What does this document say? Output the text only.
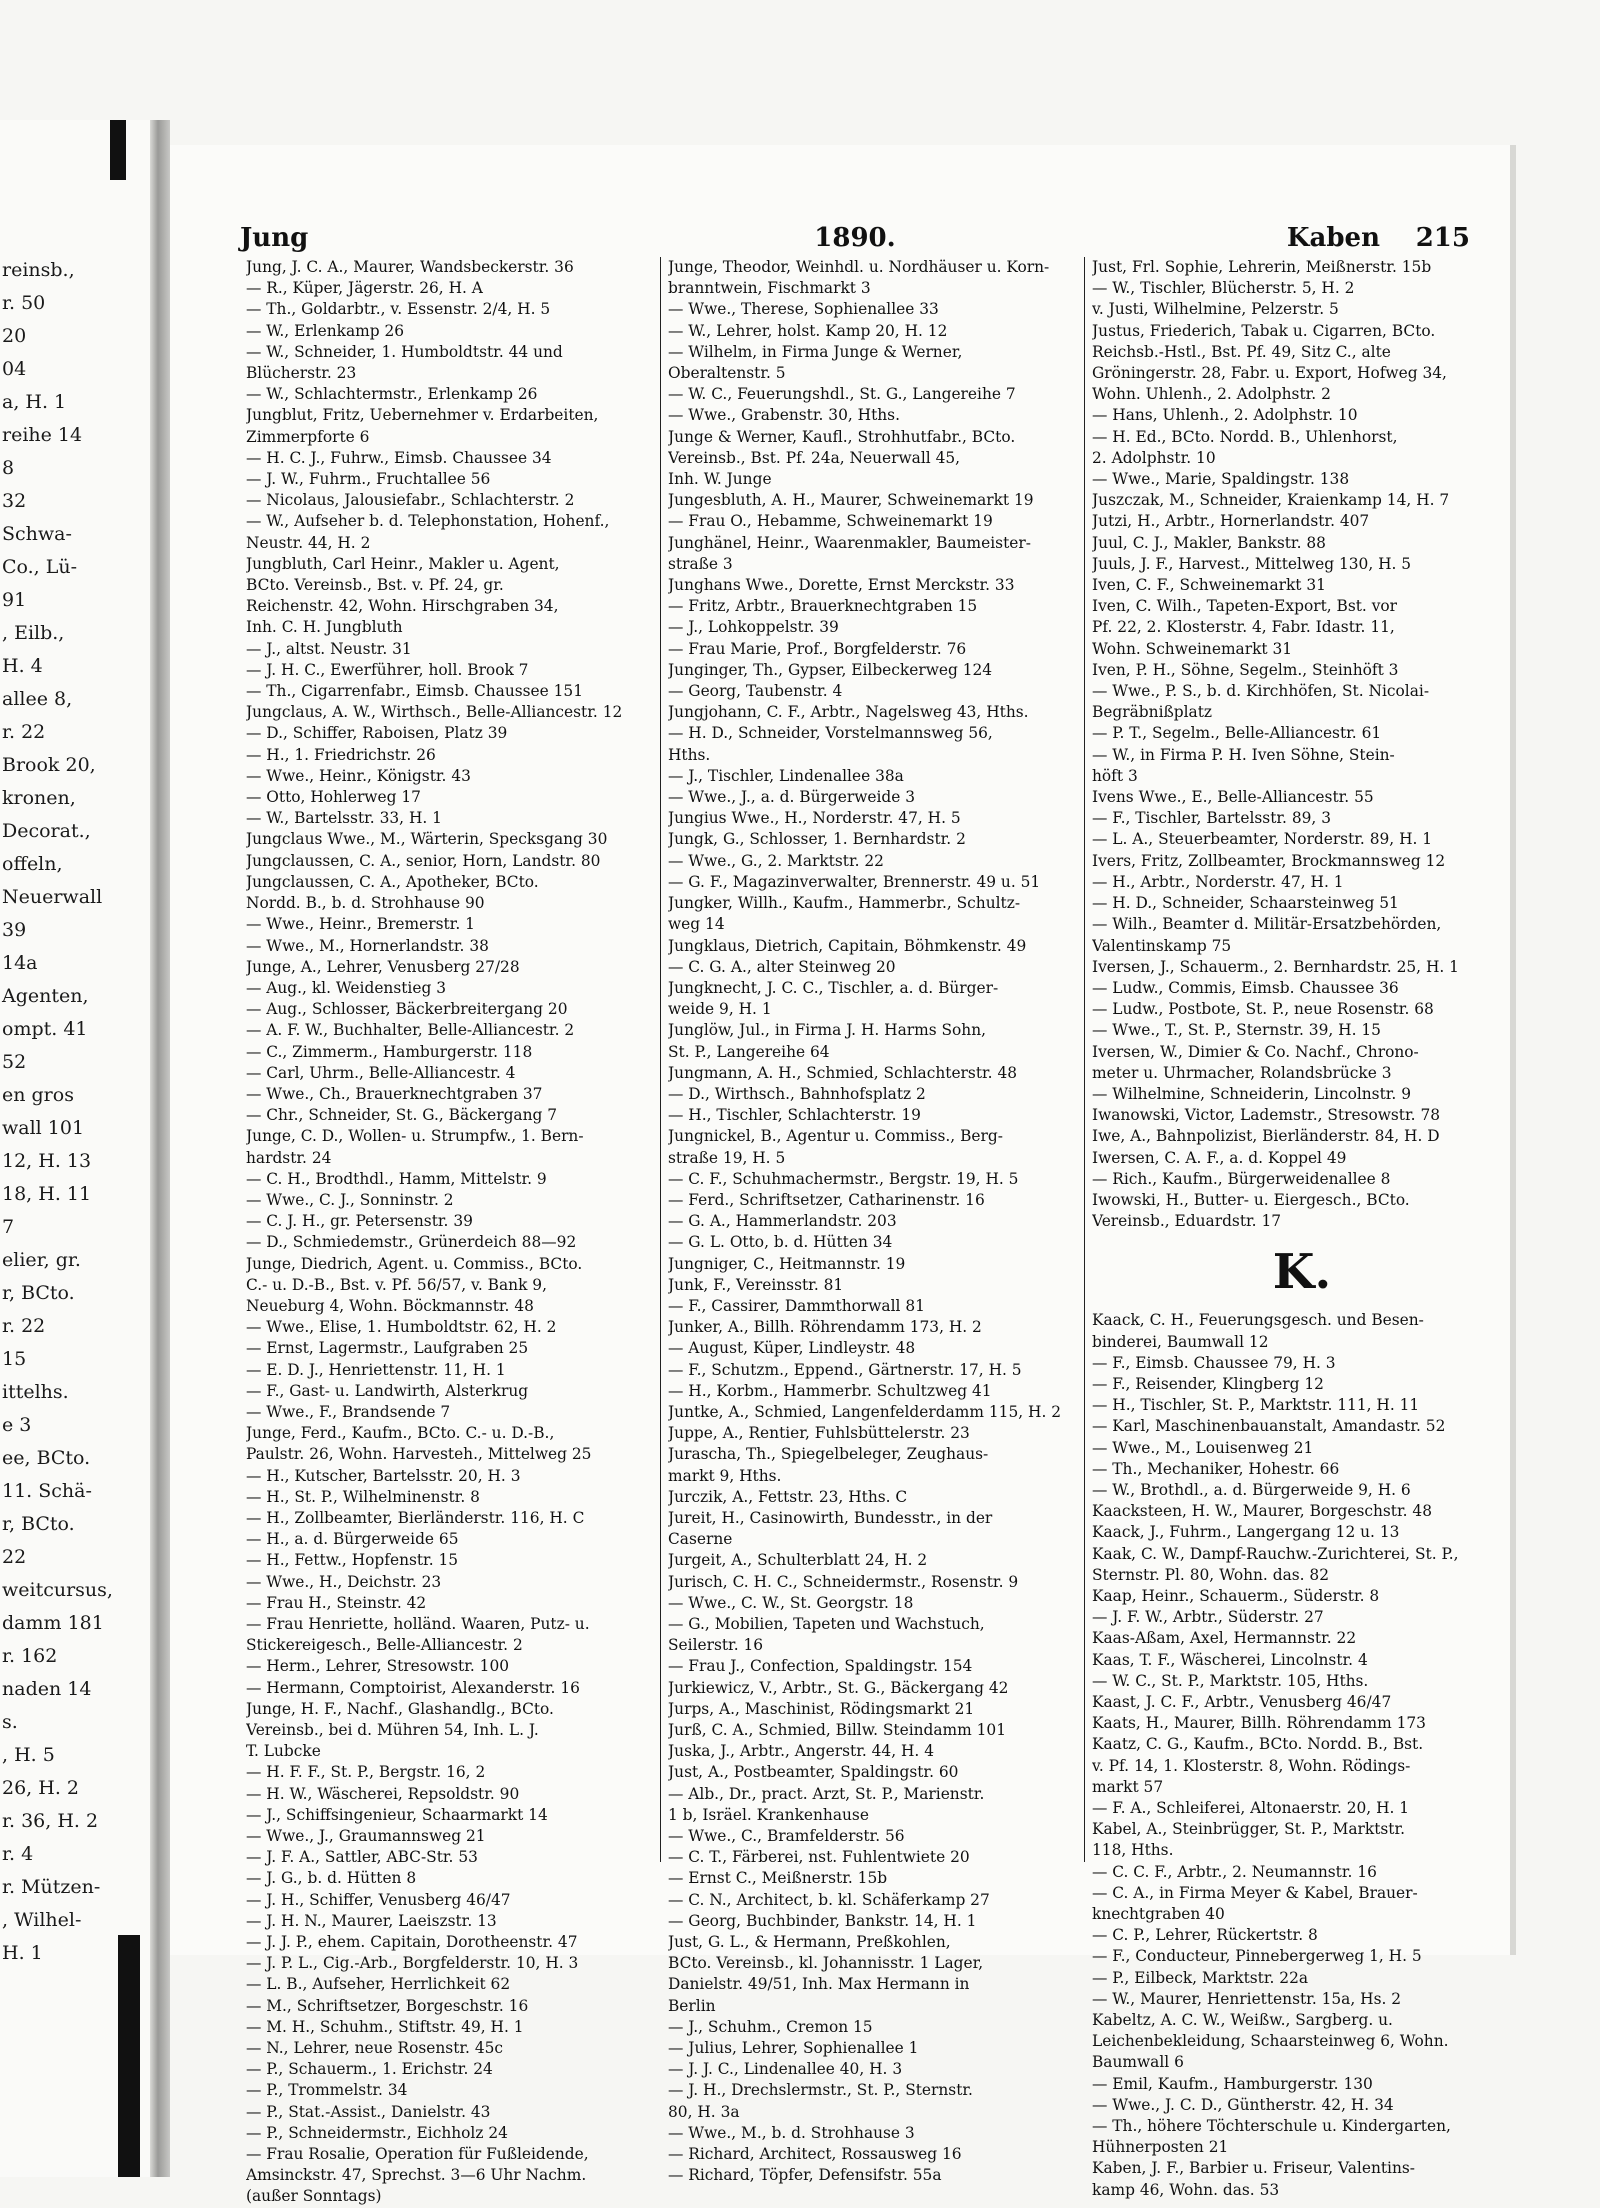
reinsb.,
r. 50
20
04
a, H. 1
reihe 14
8
32
Schwa-
Co., Lü-
91
, Eilb.,
H. 4
allee 8,
r. 22
Brook 20,
kronen,
Decorat.,
offeln,
Neuerwall
39
14a
Agenten,
ompt. 41
52
en gros
wall 101
12, H. 13
18, H. 11
7
elier, gr.
r, BCto.
r. 22
15
ittelhs.
e 3
ee, BCto.
11. Schä-
r, BCto.
22
weitcursus,
damm 181
r. 162
naden 14
s.
, H. 5
26, H. 2
r. 36, H. 2
r. 4
r. Mützen-
, Wilhel-
H. 1
Jung	1890.	Kaben 215
Jung, J. C. A., Maurer, Wandsbeckerstr. 36
— R., Küper, Jägerstr. 26, H. A
— Th., Goldarbtr., v. Essenstr. 2/4, H. 5
— W., Erlenkamp 26
— W., Schneider, 1. Humboldtstr. 44 und
Blücherstr. 23
— W., Schlachtermstr., Erlenkamp 26
Jungblut, Fritz, Uebernehmer v. Erdarbeiten,
Zimmerpforte 6
— H. C. J., Fuhrw., Eimsb. Chaussee 34
— J. W., Fuhrm., Fruchtallee 56
— Nicolaus, Jalousiefabr., Schlachterstr. 2
— W., Aufseher b. d. Telephonstation, Hohenf.,
Neustr. 44, H. 2
Jungbluth, Carl Heinr., Makler u. Agent,
BCto. Vereinsb., Bst. v. Pf. 24, gr.
Reichenstr. 42, Wohn. Hirschgraben 34,
Inh. C. H. Jungbluth
— J., altst. Neustr. 31
— J. H. C., Ewerführer, holl. Brook 7
— Th., Cigarrenfabr., Eimsb. Chaussee 151
Jungclaus, A. W., Wirthsch., Belle-Alliancestr. 12
— D., Schiffer, Raboisen, Platz 39
— H., 1. Friedrichstr. 26
— Wwe., Heinr., Königstr. 43
— Otto, Hohlerweg 17
— W., Bartelsstr. 33, H. 1
Jungclaus Wwe., M., Wärterin, Specksgang 30
Jungclaussen, C. A., senior, Horn, Landstr. 80
Jungclaussen, C. A., Apotheker, BCto.
Nordd. B., b. d. Strohhause 90
— Wwe., Heinr., Bremerstr. 1
— Wwe., M., Hornerlandstr. 38
Junge, A., Lehrer, Venusberg 27/28
— Aug., kl. Weidenstieg 3
— Aug., Schlosser, Bäckerbreitergang 20
— A. F. W., Buchhalter, Belle-Alliancestr. 2
— C., Zimmerm., Hamburgerstr. 118
— Carl, Uhrm., Belle-Alliancestr. 4
— Wwe., Ch., Brauerknechtgraben 37
— Chr., Schneider, St. G., Bäckergang 7
Junge, C. D., Wollen- u. Strumpfw., 1. Bern-
hardstr. 24
— C. H., Brodthdl., Hamm, Mittelstr. 9
— Wwe., C. J., Sonninstr. 2
— C. J. H., gr. Petersenstr. 39
— D., Schmiedemstr., Grünerdeich 88—92
Junge, Diedrich, Agent. u. Commiss., BCto.
C.- u. D.-B., Bst. v. Pf. 56/57, v. Bank 9,
Neueburg 4, Wohn. Böckmannstr. 48
— Wwe., Elise, 1. Humboldtstr. 62, H. 2
— Ernst, Lagermstr., Laufgraben 25
— E. D. J., Henriettenstr. 11, H. 1
— F., Gast- u. Landwirth, Alsterkrug
— Wwe., F., Brandsende 7
Junge, Ferd., Kaufm., BCto. C.- u. D.-B.,
Paulstr. 26, Wohn. Harvesteh., Mittelweg 25
— H., Kutscher, Bartelsstr. 20, H. 3
— H., St. P., Wilhelminenstr. 8
— H., Zollbeamter, Bierländerstr. 116, H. C
— H., a. d. Bürgerweide 65
— H., Fettw., Hopfenstr. 15
— Wwe., H., Deichstr. 23
— Frau H., Steinstr. 42
— Frau Henriette, holländ. Waaren, Putz- u.
Stickereigesch., Belle-Alliancestr. 2
— Herm., Lehrer, Stresowstr. 100
— Hermann, Comptoirist, Alexanderstr. 16
Junge, H. F., Nachf., Glashandlg., BCto.
Vereinsb., bei d. Mühren 54, Inh. L. J.
T. Lubcke
— H. F. F., St. P., Bergstr. 16, 2
— H. W., Wäscherei, Repsoldstr. 90
— J., Schiffsingenieur, Schaarmarkt 14
— Wwe., J., Graumannsweg 21
— J. F. A., Sattler, ABC-Str. 53
— J. G., b. d. Hütten 8
— J. H., Schiffer, Venusberg 46/47
— J. H. N., Maurer, Laeiszstr. 13
— J. J. P., ehem. Capitain, Dorotheenstr. 47
— J. P. L., Cig.-Arb., Borgfelderstr. 10, H. 3
— L. B., Aufseher, Herrlichkeit 62
— M., Schriftsetzer, Borgeschstr. 16
— M. H., Schuhm., Stiftstr. 49, H. 1
— N., Lehrer, neue Rosenstr. 45c
— P., Schauerm., 1. Erichstr. 24
— P., Trommelstr. 34
— P., Stat.-Assist., Danielstr. 43
— P., Schneidermstr., Eichholz 24
— Frau Rosalie, Operation für Fußleidende,
Amsinckstr. 47, Sprechst. 3—6 Uhr Nachm.
(außer Sonntags)
Junge, Theodor, Weinhdl. u. Nordhäuser u. Korn-
branntwein, Fischmarkt 3
— Wwe., Therese, Sophienallee 33
— W., Lehrer, holst. Kamp 20, H. 12
— Wilhelm, in Firma Junge & Werner,
Oberaltenstr. 5
— W. C., Feuerungshdl., St. G., Langereihe 7
— Wwe., Grabenstr. 30, Hths.
Junge & Werner, Kaufl., Strohhutfabr., BCto.
Vereinsb., Bst. Pf. 24a, Neuerwall 45,
Inh. W. Junge
Jungesbluth, A. H., Maurer, Schweinemarkt 19
— Frau O., Hebamme, Schweinemarkt 19
Junghänel, Heinr., Waarenmakler, Baumeister-
straße 3
Junghans Wwe., Dorette, Ernst Merckstr. 33
— Fritz, Arbtr., Brauerknechtgraben 15
— J., Lohkoppelstr. 39
— Frau Marie, Prof., Borgfelderstr. 76
Junginger, Th., Gypser, Eilbeckerweg 124
— Georg, Taubenstr. 4
Jungjohann, C. F., Arbtr., Nagelsweg 43, Hths.
— H. D., Schneider, Vorstelmannsweg 56,
Hths.
— J., Tischler, Lindenallee 38a
— Wwe., J., a. d. Bürgerweide 3
Jungius Wwe., H., Norderstr. 47, H. 5
Jungk, G., Schlosser, 1. Bernhardstr. 2
— Wwe., G., 2. Marktstr. 22
— G. F., Magazinverwalter, Brennerstr. 49 u. 51
Jungker, Willh., Kaufm., Hammerbr., Schultz-
weg 14
Jungklaus, Dietrich, Capitain, Böhmkenstr. 49
— C. G. A., alter Steinweg 20
Jungknecht, J. C. C., Tischler, a. d. Bürger-
weide 9, H. 1
Junglöw, Jul., in Firma J. H. Harms Sohn,
St. P., Langereihe 64
Jungmann, A. H., Schmied, Schlachterstr. 48
— D., Wirthsch., Bahnhofsplatz 2
— H., Tischler, Schlachterstr. 19
Jungnickel, B., Agentur u. Commiss., Berg-
straße 19, H. 5
— C. F., Schuhmachermstr., Bergstr. 19, H. 5
— Ferd., Schriftsetzer, Catharinenstr. 16
— G. A., Hammerlandstr. 203
— G. L. Otto, b. d. Hütten 34
Jungniger, C., Heitmannstr. 19
Junk, F., Vereinsstr. 81
— F., Cassirer, Dammthorwall 81
Junker, A., Billh. Röhrendamm 173, H. 2
— August, Küper, Lindleystr. 48
— F., Schutzm., Eppend., Gärtnerstr. 17, H. 5
— H., Korbm., Hammerbr. Schultzweg 41
Juntke, A., Schmied, Langenfelderdamm 115, H. 2
Juppe, A., Rentier, Fuhlsbüttelerstr. 23
Jurascha, Th., Spiegelbeleger, Zeughaus-
markt 9, Hths.
Jurczik, A., Fettstr. 23, Hths. C
Jureit, H., Casinowirth, Bundesstr., in der
Caserne
Jurgeit, A., Schulterblatt 24, H. 2
Jurisch, C. H. C., Schneidermstr., Rosenstr. 9
— Wwe., C. W., St. Georgstr. 18
— G., Mobilien, Tapeten und Wachstuch,
Seilerstr. 16
— Frau J., Confection, Spaldingstr. 154
Jurkiewicz, V., Arbtr., St. G., Bäckergang 42
Jurps, A., Maschinist, Rödingsmarkt 21
Jurß, C. A., Schmied, Billw. Steindamm 101
Juska, J., Arbtr., Angerstr. 44, H. 4
Just, A., Postbeamter, Spaldingstr. 60
— Alb., Dr., pract. Arzt, St. P., Marienstr.
1 b, Isräel. Krankenhause
— Wwe., C., Bramfelderstr. 56
— C. T., Färberei, nst. Fuhlentwiete 20
— Ernst C., Meißnerstr. 15b
— C. N., Architect, b. kl. Schäferkamp 27
— Georg, Buchbinder, Bankstr. 14, H. 1
Just, G. L., & Hermann, Preßkohlen,
BCto. Vereinsb., kl. Johannisstr. 1 Lager,
Danielstr. 49/51, Inh. Max Hermann in
Berlin
— J., Schuhm., Cremon 15
— Julius, Lehrer, Sophienallee 1
— J. J. C., Lindenallee 40, H. 3
— J. H., Drechslermstr., St. P., Sternstr.
80, H. 3a
— Wwe., M., b. d. Strohhause 3
— Richard, Architect, Rossausweg 16
— Richard, Töpfer, Defensifstr. 55a
Just, Frl. Sophie, Lehrerin, Meißnerstr. 15b
— W., Tischler, Blücherstr. 5, H. 2
v. Justi, Wilhelmine, Pelzerstr. 5
Justus, Friederich, Tabak u. Cigarren, BCto.
Reichsb.-Hstl., Bst. Pf. 49, Sitz C., alte
Gröningerstr. 28, Fabr. u. Export, Hofweg 34,
Wohn. Uhlenh., 2. Adolphstr. 2
— Hans, Uhlenh., 2. Adolphstr. 10
— H. Ed., BCto. Nordd. B., Uhlenhorst,
2. Adolphstr. 10
— Wwe., Marie, Spaldingstr. 138
Juszczak, M., Schneider, Kraienkamp 14, H. 7
Jutzi, H., Arbtr., Hornerlandstr. 407
Juul, C. J., Makler, Bankstr. 88
Juuls, J. F., Harvest., Mittelweg 130, H. 5
Iven, C. F., Schweinemarkt 31
Iven, C. Wilh., Tapeten-Export, Bst. vor
Pf. 22, 2. Klosterstr. 4, Fabr. Idastr. 11,
Wohn. Schweinemarkt 31
Iven, P. H., Söhne, Segelm., Steinhöft 3
— Wwe., P. S., b. d. Kirchhöfen, St. Nicolai-
Begräbnißplatz
— P. T., Segelm., Belle-Alliancestr. 61
— W., in Firma P. H. Iven Söhne, Stein-
höft 3
Ivens Wwe., E., Belle-Alliancestr. 55
— F., Tischler, Bartelsstr. 89, 3
— L. A., Steuerbeamter, Norderstr. 89, H. 1
Ivers, Fritz, Zollbeamter, Brockmannsweg 12
— H., Arbtr., Norderstr. 47, H. 1
— H. D., Schneider, Schaarsteinweg 51
— Wilh., Beamter d. Militär-Ersatzbehörden,
Valentinskamp 75
Iversen, J., Schauerm., 2. Bernhardstr. 25, H. 1
— Ludw., Commis, Eimsb. Chaussee 36
— Ludw., Postbote, St. P., neue Rosenstr. 68
— Wwe., T., St. P., Sternstr. 39, H. 15
Iversen, W., Dimier & Co. Nachf., Chrono-
meter u. Uhrmacher, Rolandsbrücke 3
— Wilhelmine, Schneiderin, Lincolnstr. 9
Iwanowski, Victor, Lademstr., Stresowstr. 78
Iwe, A., Bahnpolizist, Bierländerstr. 84, H. D
Iwersen, C. A. F., a. d. Koppel 49
— Rich., Kaufm., Bürgerweidenallee 8
Iwowski, H., Butter- u. Eiergesch., BCto.
Vereinsb., Eduardstr. 17
K.
Kaack, C. H., Feuerungsgesch. und Besen-
binderei, Baumwall 12
— F., Eimsb. Chaussee 79, H. 3
— F., Reisender, Klingberg 12
— H., Tischler, St. P., Marktstr. 111, H. 11
— Karl, Maschinenbauanstalt, Amandastr. 52
— Wwe., M., Louisenweg 21
— Th., Mechaniker, Hohestr. 66
— W., Brothdl., a. d. Bürgerweide 9, H. 6
Kaacksteen, H. W., Maurer, Borgeschstr. 48
Kaack, J., Fuhrm., Langergang 12 u. 13
Kaak, C. W., Dampf-Rauchw.-Zurichterei, St. P.,
Sternstr. Pl. 80, Wohn. das. 82
Kaap, Heinr., Schauerm., Süderstr. 8
— J. F. W., Arbtr., Süderstr. 27
Kaas-Aßam, Axel, Hermannstr. 22
Kaas, T. F., Wäscherei, Lincolnstr. 4
— W. C., St. P., Marktstr. 105, Hths.
Kaast, J. C. F., Arbtr., Venusberg 46/47
Kaats, H., Maurer, Billh. Röhrendamm 173
Kaatz, C. G., Kaufm., BCto. Nordd. B., Bst.
v. Pf. 14, 1. Klosterstr. 8, Wohn. Rödings-
markt 57
— F. A., Schleiferei, Altonaerstr. 20, H. 1
Kabel, A., Steinbrügger, St. P., Marktstr.
118, Hths.
— C. C. F., Arbtr., 2. Neumannstr. 16
— C. A., in Firma Meyer & Kabel, Brauer-
knechtgraben 40
— C. P., Lehrer, Rückertstr. 8
— F., Conducteur, Pinnebergerweg 1, H. 5
— P., Eilbeck, Marktstr. 22a
— W., Maurer, Henriettenstr. 15a, Hs. 2
Kabeltz, A. C. W., Weißw., Sargberg. u.
Leichenbekleidung, Schaarsteinweg 6, Wohn.
Baumwall 6
— Emil, Kaufm., Hamburgerstr. 130
— Wwe., J. C. D., Güntherstr. 42, H. 34
— Th., höhere Töchterschule u. Kindergarten,
Hühnerposten 21
Kaben, J. F., Barbier u. Friseur, Valentins-
kamp 46, Wohn. das. 53
